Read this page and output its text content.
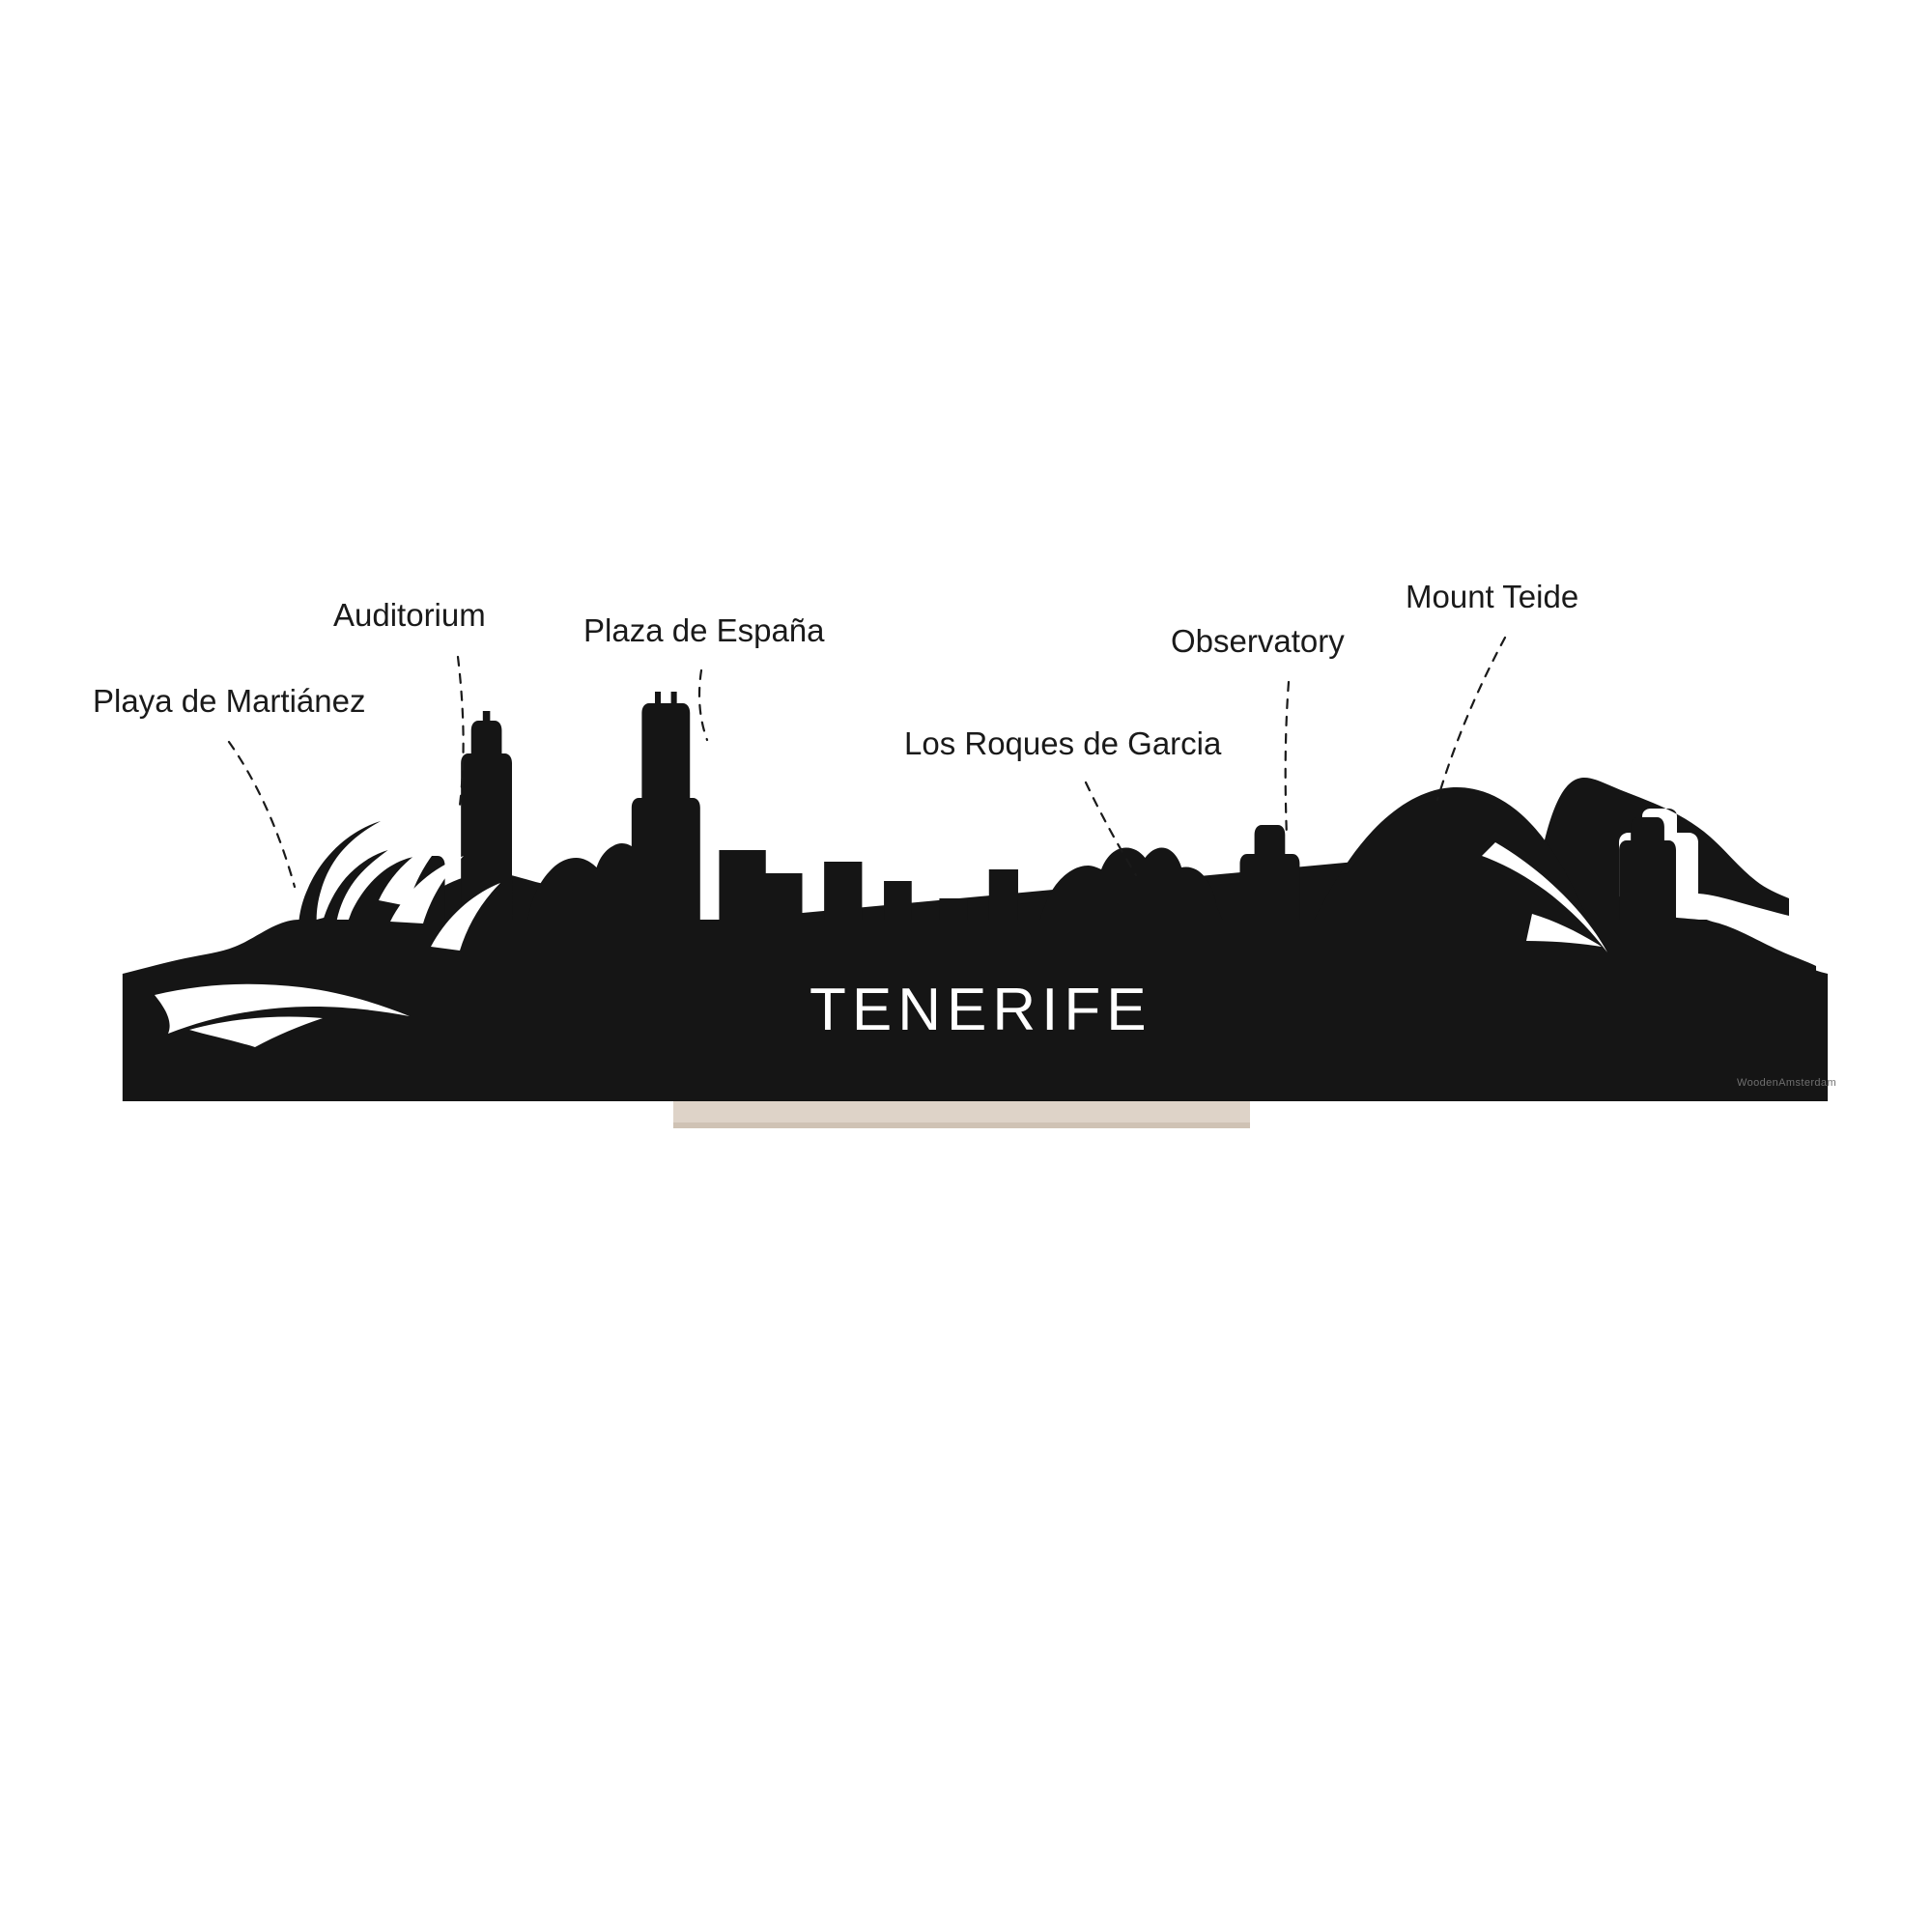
TENERIFE
WoodenAmsterdam
Playa de Martiánez
Auditorium	Plaza de España
Los Roques de Garcia
Observatory
Mount Teide
